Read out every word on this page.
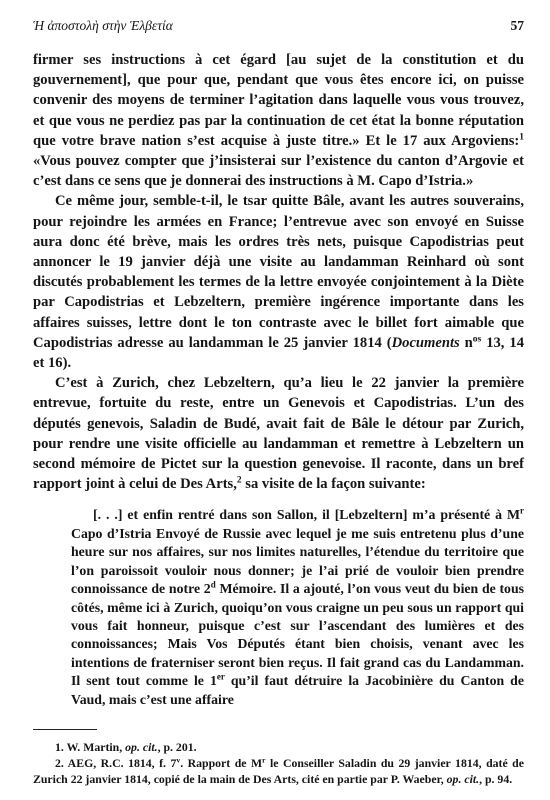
Ἡ ἀποστολὴ στὴν Ἑλβετία	57

firmer ses instructions à cet égard [au sujet de la constitution et du gouvernement], que pour que, pendant que vous êtes encore ici, on puisse convenir des moyens de terminer l’agitation dans laquelle vous vous trouvez, et que vous ne perdiez pas par la continuation de cet état la bonne réputation que votre brave nation s’est acquise à juste titre.» Et le 17 aux Argoviens:$^1$ «Vous pouvez compter que j’insisterai sur l’existence du canton d’Argovie et c’est dans ce sens que je donnerai des instructions à M. Capo d’Istria.»

Ce même jour, semble-t-il, le tsar quitte Bâle, avant les autres souverains, pour rejoindre les armées en France; l’entrevue avec son envoyé en Suisse aura donc été brève, mais les ordres très nets, puisque Capodistrias peut annoncer le 19 janvier déjà une visite au landamman Reinhard où sont discutés probablement les termes de la lettre envoyée conjointement à la Diète par Capodistrias et Lebzeltern, première ingérence importante dans les affaires suisses, lettre dont le ton contraste avec le billet fort aimable que Capodistrias adresse au landamman le 25 janvier 1814 (Documents $n^{os}$ 13, 14 et 16).

C’est à Zurich, chez Lebzeltern, qu’a lieu le 22 janvier la première entrevue, fortuite du reste, entre un Genevois et Capodistrias. L’un des députés genevois, Saladin de Budé, avait fait de Bâle le détour par Zurich, pour rendre une visite officielle au landamman et remettre à Lebzeltern un second mémoire de Pictet sur la question genevoise. Il raconte, dans un bref rapport joint à celui de Des Arts,$^2$ sa visite de la façon suivante:

[. . .] et enfin rentré dans son Sallon, il [Lebzeltern] m’a présenté à $M^r$ Capo d’Istria Envoyé de Russie avec lequel je me suis entretenu plus d’une heure sur nos affaires, sur nos limites naturelles, l’étendue du territoire que l’on paroissoit vouloir nous donner; je l’ai prié de vouloir bien prendre connoissance de notre 2$^d$ Mémoire. Il a ajouté, l’on vous veut du bien de tous côtés, même ici à Zurich, quoiqu’on vous craigne un peu sous un rapport qui vous fait honneur, puisque c’est sur l’ascendant des lumières et des connoissances; Mais Vos Députés étant bien choisis, venant avec les intentions de fraterniser seront bien reçus. Il fait grand cas du Landamman. Il sent tout comme le 1er qu’il faut détruire la Jacobinière du Canton de Vaud, mais c’est une affaire

1. W. Martin, op. cit., p. 201.

2. AEG, R.C. 1814, f. 7$^v$. Rapport de $M^r$ le Conseiller Saladin du 29 janvier 1814, daté de Zurich 22 janvier 1814, copié de la main de Des Arts, cité en partie par P. Waeber, op. cit., p. 94.
